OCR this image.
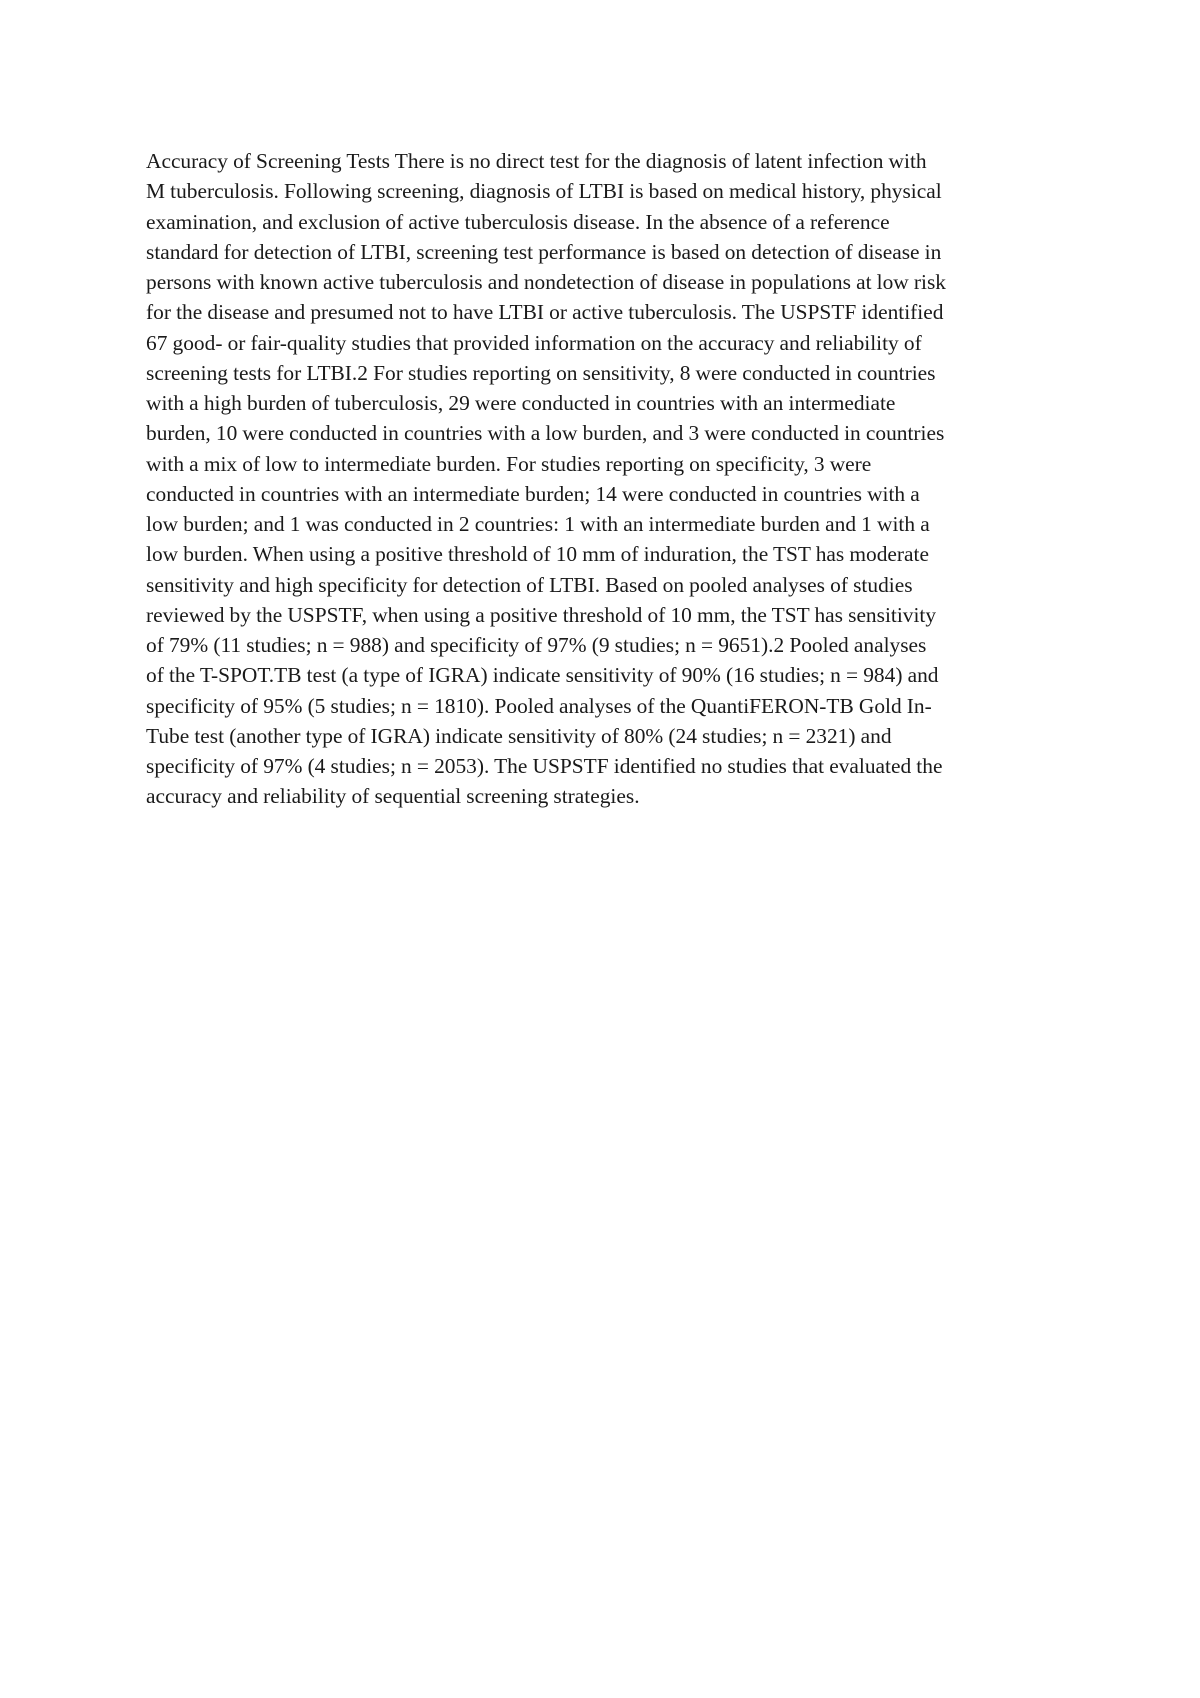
Accuracy of Screening Tests There is no direct test for the diagnosis of latent infection with
M tuberculosis. Following screening, diagnosis of LTBI is based on medical history, physical
examination, and exclusion of active tuberculosis disease. In the absence of a reference
standard for detection of LTBI, screening test performance is based on detection of disease in
persons with known active tuberculosis and nondetection of disease in populations at low risk
for the disease and presumed not to have LTBI or active tuberculosis. The USPSTF identified
67 good- or fair-quality studies that provided information on the accuracy and reliability of
screening tests for LTBI.2 For studies reporting on sensitivity, 8 were conducted in countries
with a high burden of tuberculosis, 29 were conducted in countries with an intermediate
burden, 10 were conducted in countries with a low burden, and 3 were conducted in countries
with a mix of low to intermediate burden. For studies reporting on specificity, 3 were
conducted in countries with an intermediate burden; 14 were conducted in countries with a
low burden; and 1 was conducted in 2 countries: 1 with an intermediate burden and 1 with a
low burden. When using a positive threshold of 10 mm of induration, the TST has moderate
sensitivity and high specificity for detection of LTBI. Based on pooled analyses of studies
reviewed by the USPSTF, when using a positive threshold of 10 mm, the TST has sensitivity
of 79% (11 studies; n = 988) and specificity of 97% (9 studies; n = 9651).2 Pooled analyses
of the T-SPOT.TB test (a type of IGRA) indicate sensitivity of 90% (16 studies; n = 984) and
specificity of 95% (5 studies; n = 1810). Pooled analyses of the QuantiFERON-TB Gold In-
Tube test (another type of IGRA) indicate sensitivity of 80% (24 studies; n = 2321) and
specificity of 97% (4 studies; n = 2053). The USPSTF identified no studies that evaluated the
accuracy and reliability of sequential screening strategies.
